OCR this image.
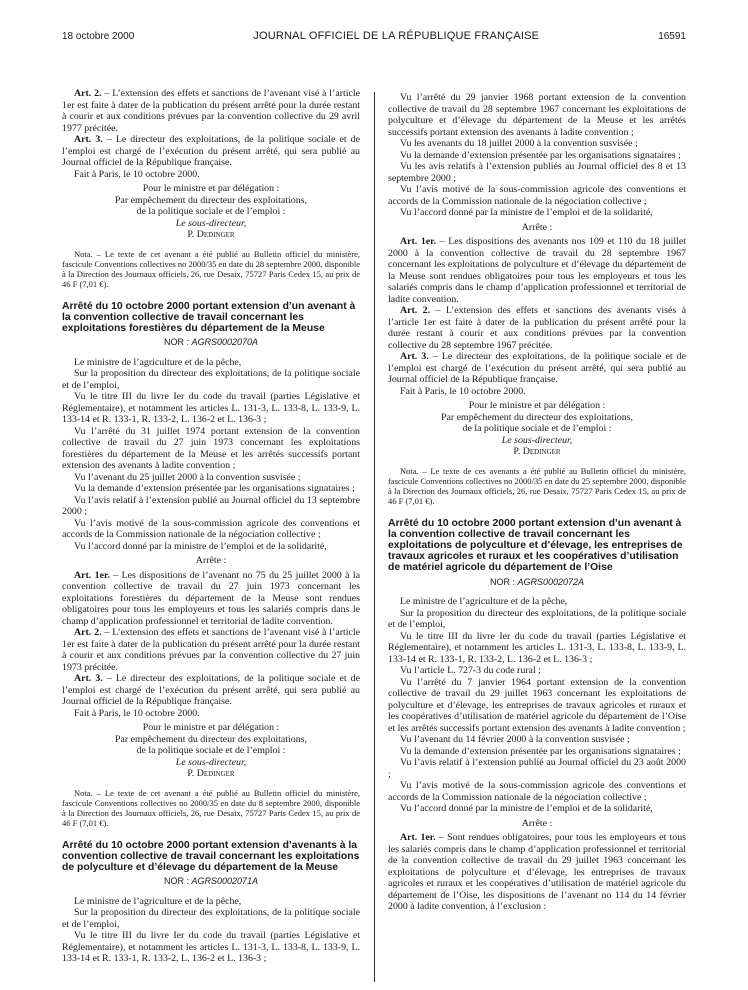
18 octobre 2000	JOURNAL OFFICIEL DE LA RÉPUBLIQUE FRANÇAISE	16591

Art. 2. – L’extension des effets et sanctions de l’avenant visé à l’article 1er est faite à dater de la publication du présent arrêté pour la durée restant à courir et aux conditions prévues par la convention collective du 29 avril 1977 précitée.

Art. 3. – Le directeur des exploitations, de la politique sociale et de l’emploi est chargé de l’exécution du présent arrêté, qui sera publié au Journal officiel de la République française.

Fait à Paris, le 10 octobre 2000.

Pour le ministre et par délégation :

Par empêchement du directeur des exploitations,

de la politique sociale et de l’emploi :

Le sous-directeur,

P. Dedinger

Nota. – Le texte de cet avenant a été publié au Bulletin officiel du ministère, fascicule Conventions collectives no 2000/35 en date du 28 septembre 2000, disponible à la Direction des Journaux officiels, 26, rue Desaix, 75727 Paris Cedex 15, au prix de 46 F (7,01 €).

Arrêté du 10 octobre 2000 portant extension d’un avenant à la convention collective de travail concernant les exploitations forestières du département de la Meuse

NOR : AGRS0002070A

Le ministre de l’agriculture et de la pêche,

Sur la proposition du directeur des exploitations, de la politique sociale et de l’emploi,

Vu le titre III du livre Ier du code du travail (parties Législative et Réglementaire), et notamment les articles L. 131-3, L. 133-8, L. 133-9, L. 133-14 et R. 133-1, R. 133-2, L. 136-2 et L. 136-3 ;

Vu l’arrêté du 31 juillet 1974 portant extension de la convention collective de travail du 27 juin 1973 concernant les exploitations forestières du département de la Meuse et les arrêtés successifs portant extension des avenants à ladite convention ;

Vu l’avenant du 25 juillet 2000 à la convention susvisée ;

Vu la demande d’extension présentée par les organisations signataires ;

Vu l’avis relatif à l’extension publié au Journal officiel du 13 septembre 2000 ;

Vu l’avis motivé de la sous-commission agricole des conventions et accords de la Commission nationale de la négociation collective ;

Vu l’accord donné par la ministre de l’emploi et de la solidarité,

Arrête :

Art. 1er. – Les dispositions de l’avenant no 75 du 25 juillet 2000 à la convention collective de travail du 27 juin 1973 concernant les exploitations forestières du département de la Meuse sont rendues obligatoires pour tous les employeurs et tous les salariés compris dans le champ d’application professionnel et territorial de ladite convention.

Art. 2. – L’extension des effets et sanctions de l’avenant visé à l’article 1er est faite à dater de la publication du présent arrêté pour la durée restant à courir et aux conditions prévues par la convention collective du 27 juin 1973 précitée.

Art. 3. – Le directeur des exploitations, de la politique sociale et de l’emploi est chargé de l’exécution du présent arrêté, qui sera publié au Journal officiel de la République française.

Fait à Paris, le 10 octobre 2000.

Pour le ministre et par délégation :

Par empêchement du directeur des exploitations,

de la politique sociale et de l’emploi :

Le sous-directeur,

P. Dedinger

Nota. – Le texte de cet avenant a été publié au Bulletin officiel du ministère, fascicule Conventions collectives no 2000/35 en date du 8 septembre 2000, disponible à la Direction des Journaux officiels, 26, rue Desaix, 75727 Paris Cedex 15, au prix de 46 F (7,01 €).

Arrêté du 10 octobre 2000 portant extension d’avenants à la convention collective de travail concernant les exploitations de polyculture et d’élevage du département de la Meuse

NOR : AGRS0002071A

Le ministre de l’agriculture et de la pêche,

Sur la proposition du directeur des exploitations, de la politique sociale et de l’emploi,

Vu le titre III du livre Ier du code du travail (parties Législative et Réglementaire), et notamment les articles L. 131-3, L. 133-8, L. 133-9, L. 133-14 et R. 133-1, R. 133-2, L. 136-2 et L. 136-3 ;

Vu l’arrêté du 29 janvier 1968 portant extension de la convention collective de travail du 28 septembre 1967 concernant les exploitations de polyculture et d’élevage du département de la Meuse et les arrêtés successifs portant extension des avenants à ladite convention ;

Vu les avenants du 18 juillet 2000 à la convention susvisée ;

Vu la demande d’extension présentée par les organisations signataires ;

Vu les avis relatifs à l’extension publiés au Journal officiel des 8 et 13 septembre 2000 ;

Vu l’avis motivé de la sous-commission agricole des conventions et accords de la Commission nationale de la négociation collective ;

Vu l’accord donné par la ministre de l’emploi et de la solidarité,

Arrête :

Art. 1er. – Les dispositions des avenants nos 109 et 110 du 18 juillet 2000 à la convention collective de travail du 28 septembre 1967 concernant les exploitations de polyculture et d’élevage du département de la Meuse sont rendues obligatoires pour tous les employeurs et tous les salariés compris dans le champ d’application professionnel et territorial de ladite convention.

Art. 2. – L’extension des effets et sanctions des avenants visés à l’article 1er est faite à dater de la publication du présent arrêté pour la durée restant à courir et aux conditions prévues par la convention collective du 28 septembre 1967 précitée.

Art. 3. – Le directeur des exploitations, de la politique sociale et de l’emploi est chargé de l’exécution du présent arrêté, qui sera publié au Journal officiel de la République française.

Fait à Paris, le 10 octobre 2000.

Pour le ministre et par délégation :

Par empêchement du directeur des exploitations,

de la politique sociale et de l’emploi :

Le sous-directeur,

P. Dedinger

Nota. – Le texte de ces avenants a été publié au Bulletin officiel du ministère, fascicule Conventions collectives no 2000/35 en date du 25 septembre 2000, disponible à la Direction des Journaux officiels, 26, rue Desaix, 75727 Paris Cedex 15, au prix de 46 F (7,01 €).

Arrêté du 10 octobre 2000 portant extension d’un avenant à la convention collective de travail concernant les exploitations de polyculture et d’élevage, les entreprises de travaux agricoles et ruraux et les coopératives d’utilisation de matériel agricole du département de l’Oise

NOR : AGRS0002072A

Le ministre de l’agriculture et de la pêche,

Sur la proposition du directeur des exploitations, de la politique sociale et de l’emploi,

Vu le titre III du livre Ier du code du travail (parties Législative et Réglementaire), et notamment les articles L. 131-3, L. 133-8, L. 133-9, L. 133-14 et R. 133-1, R. 133-2, L. 136-2 et L. 136-3 ;

Vu l’article L. 727-3 du code rural ;

Vu l’arrêté du 7 janvier 1964 portant extension de la convention collective de travail du 29 juillet 1963 concernant les exploitations de polyculture et d’élevage, les entreprises de travaux agricoles et ruraux et les coopératives d’utilisation de matériel agricole du département de l’Oise et les arrêtés successifs portant extension des avenants à ladite convention ;

Vu l’avenant du 14 février 2000 à la convention susvisée ;

Vu la demande d’extension présentée par les organisations signataires ;

Vu l’avis relatif à l’extension publié au Journal officiel du 23 août 2000 ;

Vu l’avis motivé de la sous-commission agricole des conventions et accords de la Commission nationale de la négociation collective ;

Vu l’accord donné par la ministre de l’emploi et de la solidarité,

Arrête :

Art. 1er. – Sont rendues obligatoires, pour tous les employeurs et tous les salariés compris dans le champ d’application professionnel et territorial de la convention collective de travail du 29 juillet 1963 concernant les exploitations de polyculture et d’élevage, les entreprises de travaux agricoles et ruraux et les coopératives d’utilisation de matériel agricole du département de l’Oise, les dispositions de l’avenant no 114 du 14 février 2000 à ladite convention, à l’exclusion :
